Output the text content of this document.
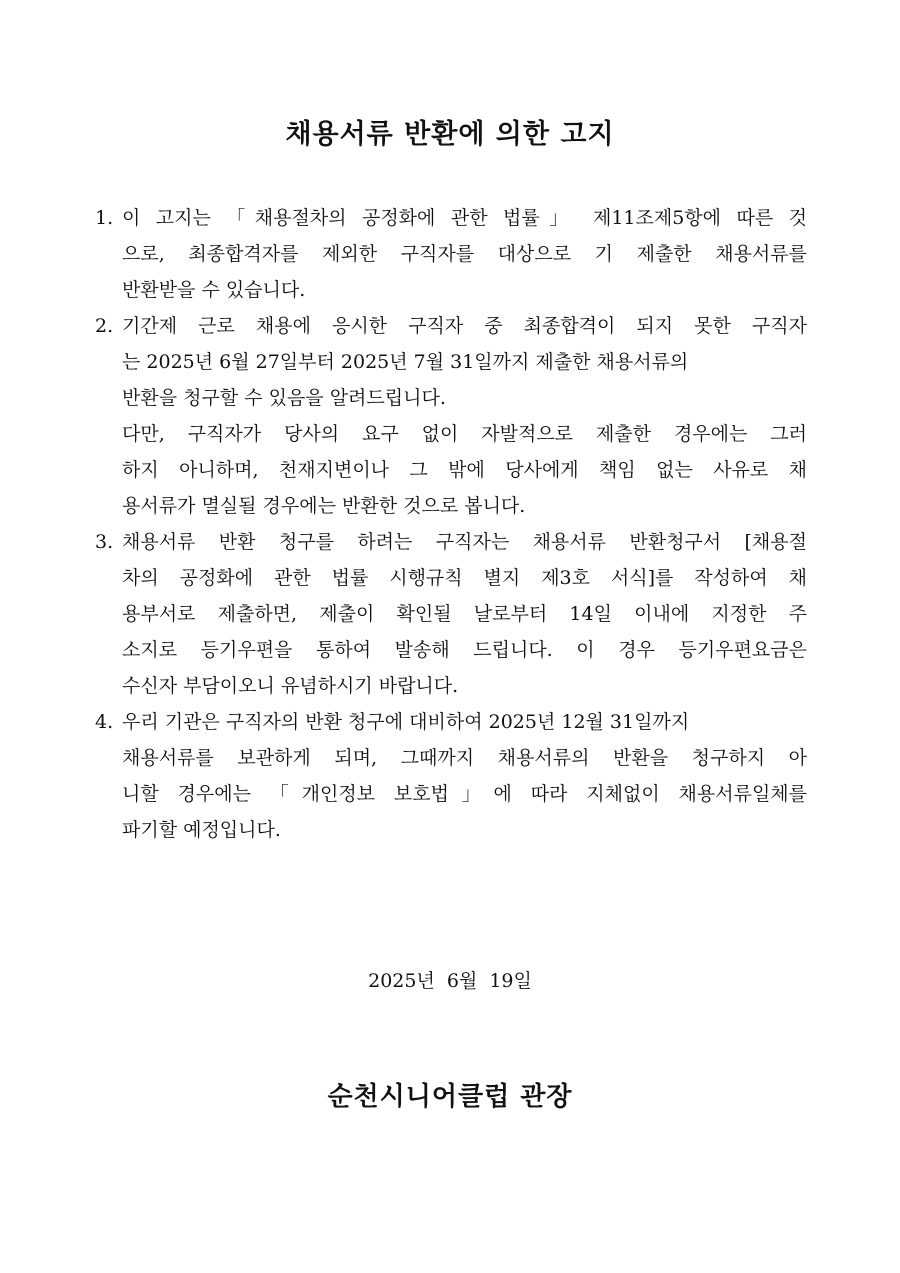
채용서류 반환에 의한 고지
1. 이 고지는 「채용절차의 공정화에 관한 법률」 제11조제5항에 따른 것
으로, 최종합격자를 제외한 구직자를 대상으로 기 제출한 채용서류를
반환받을 수 있습니다.
2. 기간제 근로 채용에 응시한 구직자 중 최종합격이 되지 못한 구직자
는 2025년 6월 27일부터 2025년 7월 31일까지 제출한 채용서류의
반환을 청구할 수 있음을 알려드립니다.
다만, 구직자가 당사의 요구 없이 자발적으로 제출한 경우에는 그러
하지 아니하며, 천재지변이나 그 밖에 당사에게 책임 없는 사유로 채
용서류가 멸실될 경우에는 반환한 것으로 봅니다.
3. 채용서류 반환 청구를 하려는 구직자는 채용서류 반환청구서 [채용절
차의 공정화에 관한 법률 시행규칙 별지 제3호 서식]를 작성하여 채
용부서로 제출하면, 제출이 확인될 날로부터 14일 이내에 지정한 주
소지로 등기우편을 통하여 발송해 드립니다. 이 경우 등기우편요금은
수신자 부담이오니 유념하시기 바랍니다.
4. 우리 기관은 구직자의 반환 청구에 대비하여 2025년 12월 31일까지
채용서류를 보관하게 되며, 그때까지 채용서류의 반환을 청구하지 아
니할 경우에는 「개인정보 보호법」에 따라 지체없이 채용서류일체를
파기할 예정입니다.

2025년 6월 19일

순천시니어클럽 관장
